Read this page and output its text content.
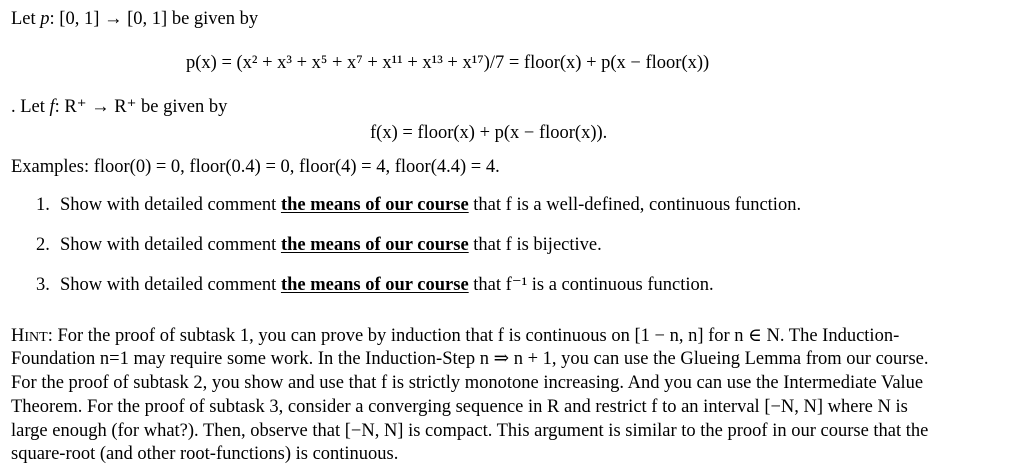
Let p: [0, 1] → [0, 1] be given by
p(x) = (x² + x³ + x⁵ + x⁷ + x¹¹ + x¹³ + x¹⁷)/7 = floor(x) + p(x − floor(x))
. Let f: R⁺ → R⁺ be given by
f(x) = floor(x) + p(x − floor(x)).
Examples: floor(0) = 0, floor(0.4) = 0, floor(4) = 4, floor(4.4) = 4.
1. Show with detailed comment the means of our course that f is a well-defined, continuous function.
2. Show with detailed comment the means of our course that f is bijective.
3. Show with detailed comment the means of our course that f⁻¹ is a continuous function.
HINT: For the proof of subtask 1, you can prove by induction that f is continuous on [1 − n, n] for n ∈ N. The Induction-
Foundation n=1 may require some work. In the Induction-Step n ⇒ n + 1, you can use the Glueing Lemma from our course.
For the proof of subtask 2, you show and use that f is strictly monotone increasing. And you can use the Intermediate Value
Theorem. For the proof of subtask 3, consider a converging sequence in R and restrict f to an interval [−N, N] where N is
large enough (for what?). Then, observe that [−N, N] is compact. This argument is similar to the proof in our course that the
square-root (and other root-functions) is continuous.
